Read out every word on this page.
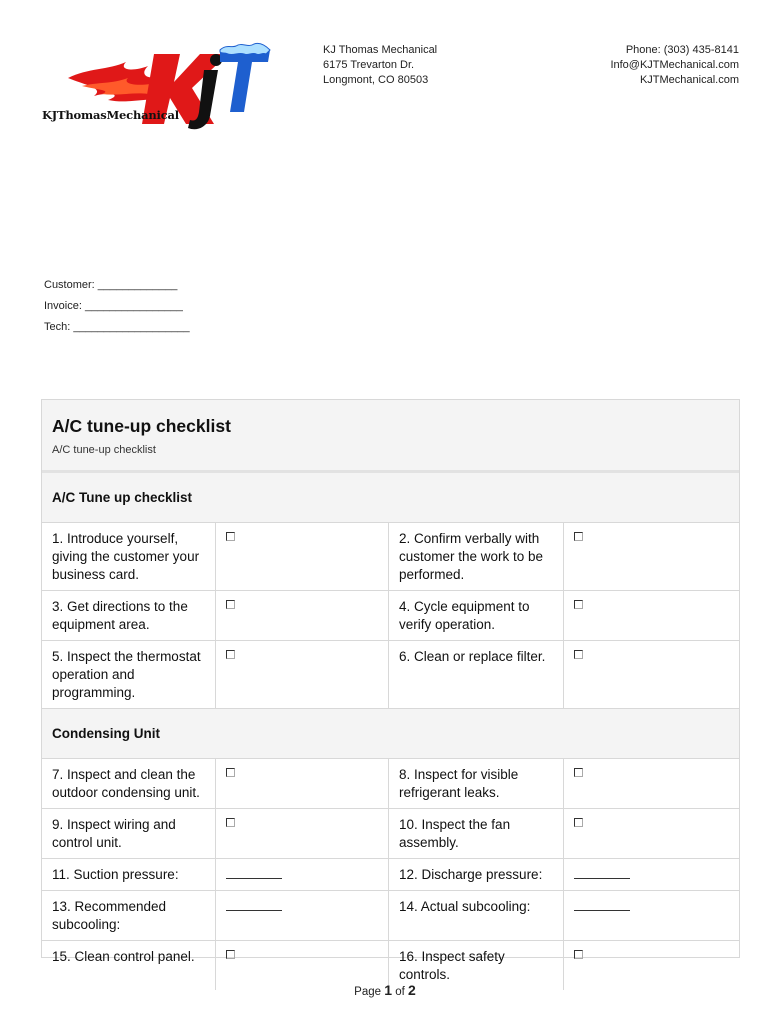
KJThomasMechanical
KJ Thomas Mechanical
6175 Trevarton Dr.
Longmont, CO 80503
Phone: (303) 435-8141
Info@KJTMechanical.com
KJTMechanical.com
Customer: _____________
Invoice: ________________
Tech: ___________________
A/C tune-up checklist
A/C tune-up checklist
A/C Tune up checklist
1. Introduce yourself, giving the customer your business card.
2. Confirm verbally with customer the work to be performed.
3. Get directions to the equipment area.
4. Cycle equipment to verify operation.
5. Inspect the thermostat operation and programming.
6. Clean or replace filter.
Condensing Unit
7. Inspect and clean the outdoor condensing unit.
8. Inspect for visible refrigerant leaks.
9. Inspect wiring and control unit.
10. Inspect the fan assembly.
11. Suction pressure:	12. Discharge pressure:
13. Recommended subcooling:
14. Actual subcooling:
15. Clean control panel.	16. Inspect safety controls.
Page 1 of 2
